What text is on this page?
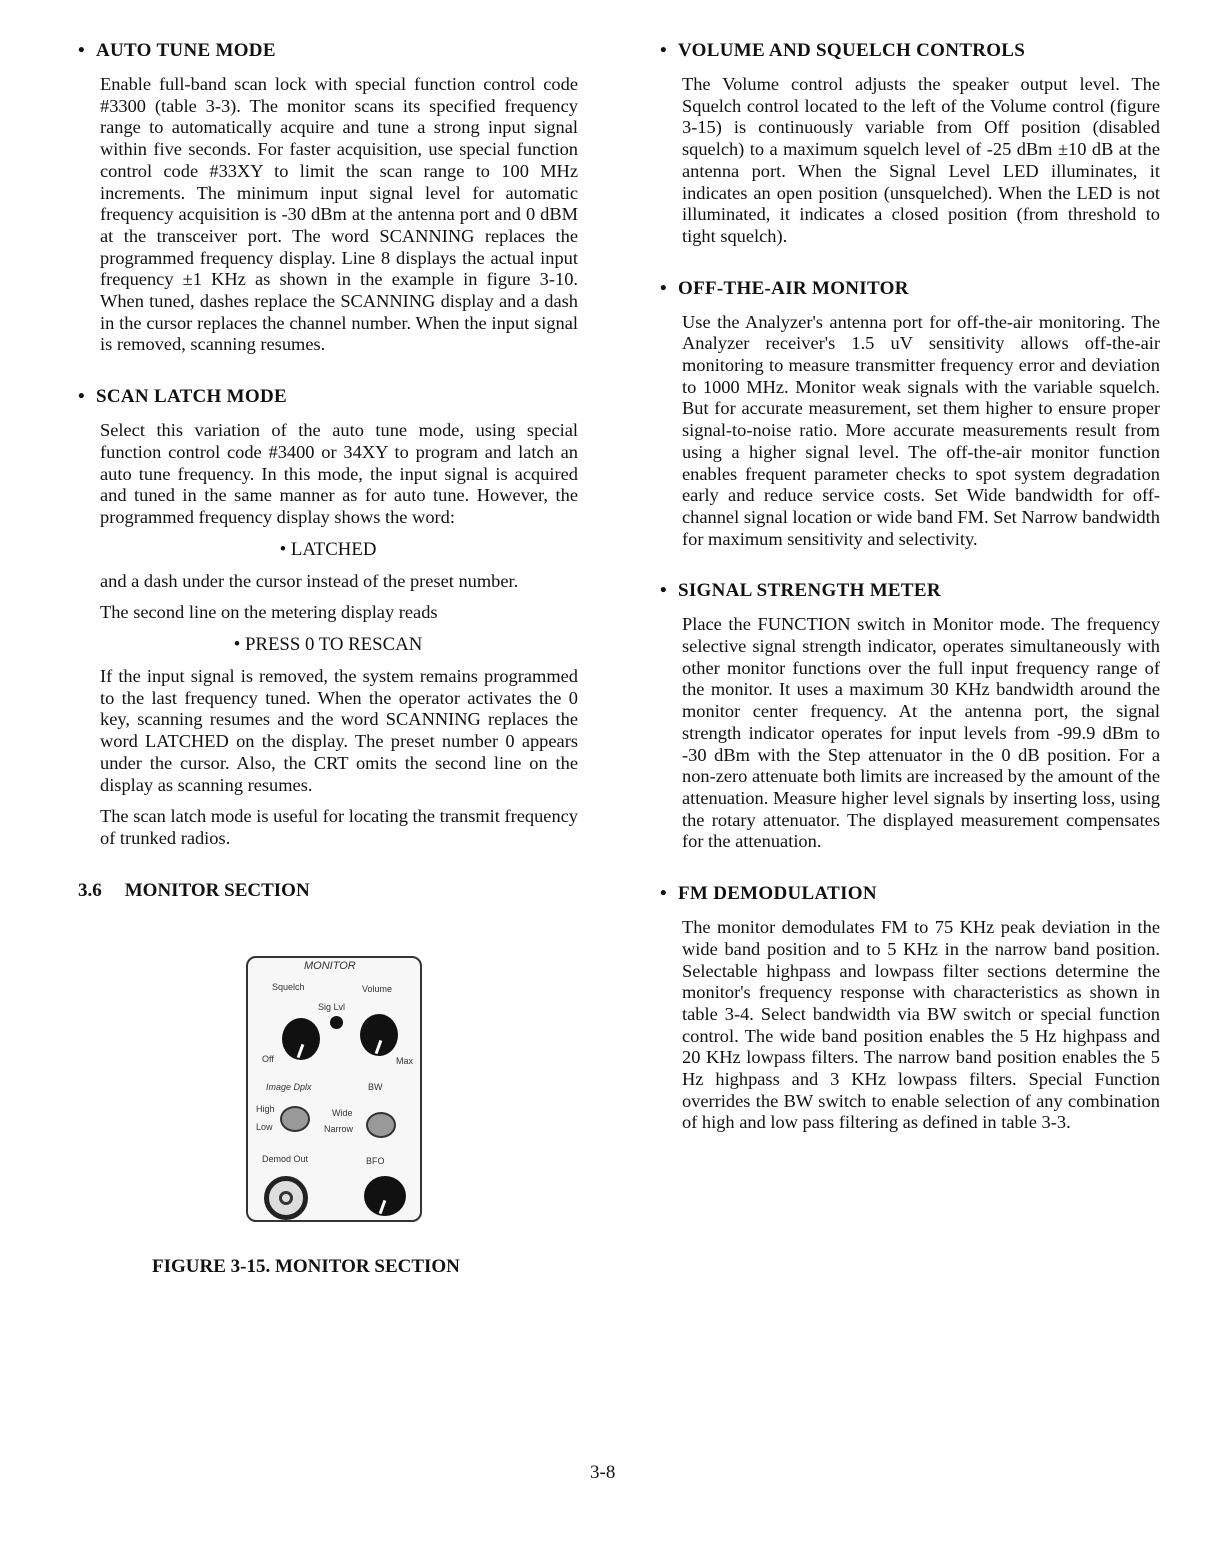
• AUTO TUNE MODE
Enable full-band scan lock with special function control code #3300 (table 3-3). The monitor scans its specified frequency range to automatically acquire and tune a strong input signal within five seconds. For faster acquisition, use special function control code #33XY to limit the scan range to 100 MHz increments. The minimum input signal level for automatic frequency acquisition is -30 dBm at the antenna port and 0 dBM at the transceiver port. The word SCANNING replaces the programmed frequency display. Line 8 displays the actual input frequency ±1 KHz as shown in the example in figure 3-10. When tuned, dashes replace the SCANNING display and a dash in the cursor replaces the channel number. When the input signal is removed, scanning resumes.
• SCAN LATCH MODE
Select this variation of the auto tune mode, using special function control code #3400 or 34XY to program and latch an auto tune frequency. In this mode, the input signal is acquired and tuned in the same manner as for auto tune. However, the programmed frequency display shows the word:
• LATCHED
and a dash under the cursor instead of the preset number.
The second line on the metering display reads
• PRESS 0 TO RESCAN
If the input signal is removed, the system remains programmed to the last frequency tuned. When the operator activates the 0 key, scanning resumes and the word SCANNING replaces the word LATCHED on the display. The preset number 0 appears under the cursor. Also, the CRT omits the second line on the display as scanning resumes.
The scan latch mode is useful for locating the transmit frequency of trunked radios.
3.6 MONITOR SECTION
MONITOR
Squelch	Volume
Sig Lvl
Off	Max
Image Dplx	BW
High
Low
Wide
Narrow
Demod Out	BFO
FIGURE 3-15. MONITOR SECTION
• VOLUME AND SQUELCH CONTROLS
The Volume control adjusts the speaker output level. The Squelch control located to the left of the Volume control (figure 3-15) is continuously variable from Off position (disabled squelch) to a maximum squelch level of -25 dBm ±10 dB at the antenna port. When the Signal Level LED illuminates, it indicates an open position (unsquelched). When the LED is not illuminated, it indicates a closed position (from threshold to tight squelch).
• OFF-THE-AIR MONITOR
Use the Analyzer's antenna port for off-the-air monitoring. The Analyzer receiver's 1.5 uV sensitivity allows off-the-air monitoring to measure transmitter frequency error and deviation to 1000 MHz. Monitor weak signals with the variable squelch. But for accurate measurement, set them higher to ensure proper signal-to-noise ratio. More accurate measurements result from using a higher signal level. The off-the-air monitor function enables frequent parameter checks to spot system degradation early and reduce service costs. Set Wide bandwidth for off-channel signal location or wide band FM. Set Narrow bandwidth for maximum sensitivity and selectivity.
• SIGNAL STRENGTH METER
Place the FUNCTION switch in Monitor mode. The frequency selective signal strength indicator, operates simultaneously with other monitor functions over the full input frequency range of the monitor. It uses a maximum 30 KHz bandwidth around the monitor center frequency. At the antenna port, the signal strength indicator operates for input levels from -99.9 dBm to -30 dBm with the Step attenuator in the 0 dB position. For a non-zero attenuate both limits are increased by the amount of the attenuation. Measure higher level signals by inserting loss, using the rotary attenuator. The displayed measurement compensates for the attenuation.
• FM DEMODULATION
The monitor demodulates FM to 75 KHz peak deviation in the wide band position and to 5 KHz in the narrow band position. Selectable highpass and lowpass filter sections determine the monitor's frequency response with characteristics as shown in table 3-4. Select bandwidth via BW switch or special function control. The wide band position enables the 5 Hz highpass and 20 KHz lowpass filters. The narrow band position enables the 5 Hz highpass and 3 KHz lowpass filters. Special Function overrides the BW switch to enable selection of any combination of high and low pass filtering as defined in table 3-3.
3-8
